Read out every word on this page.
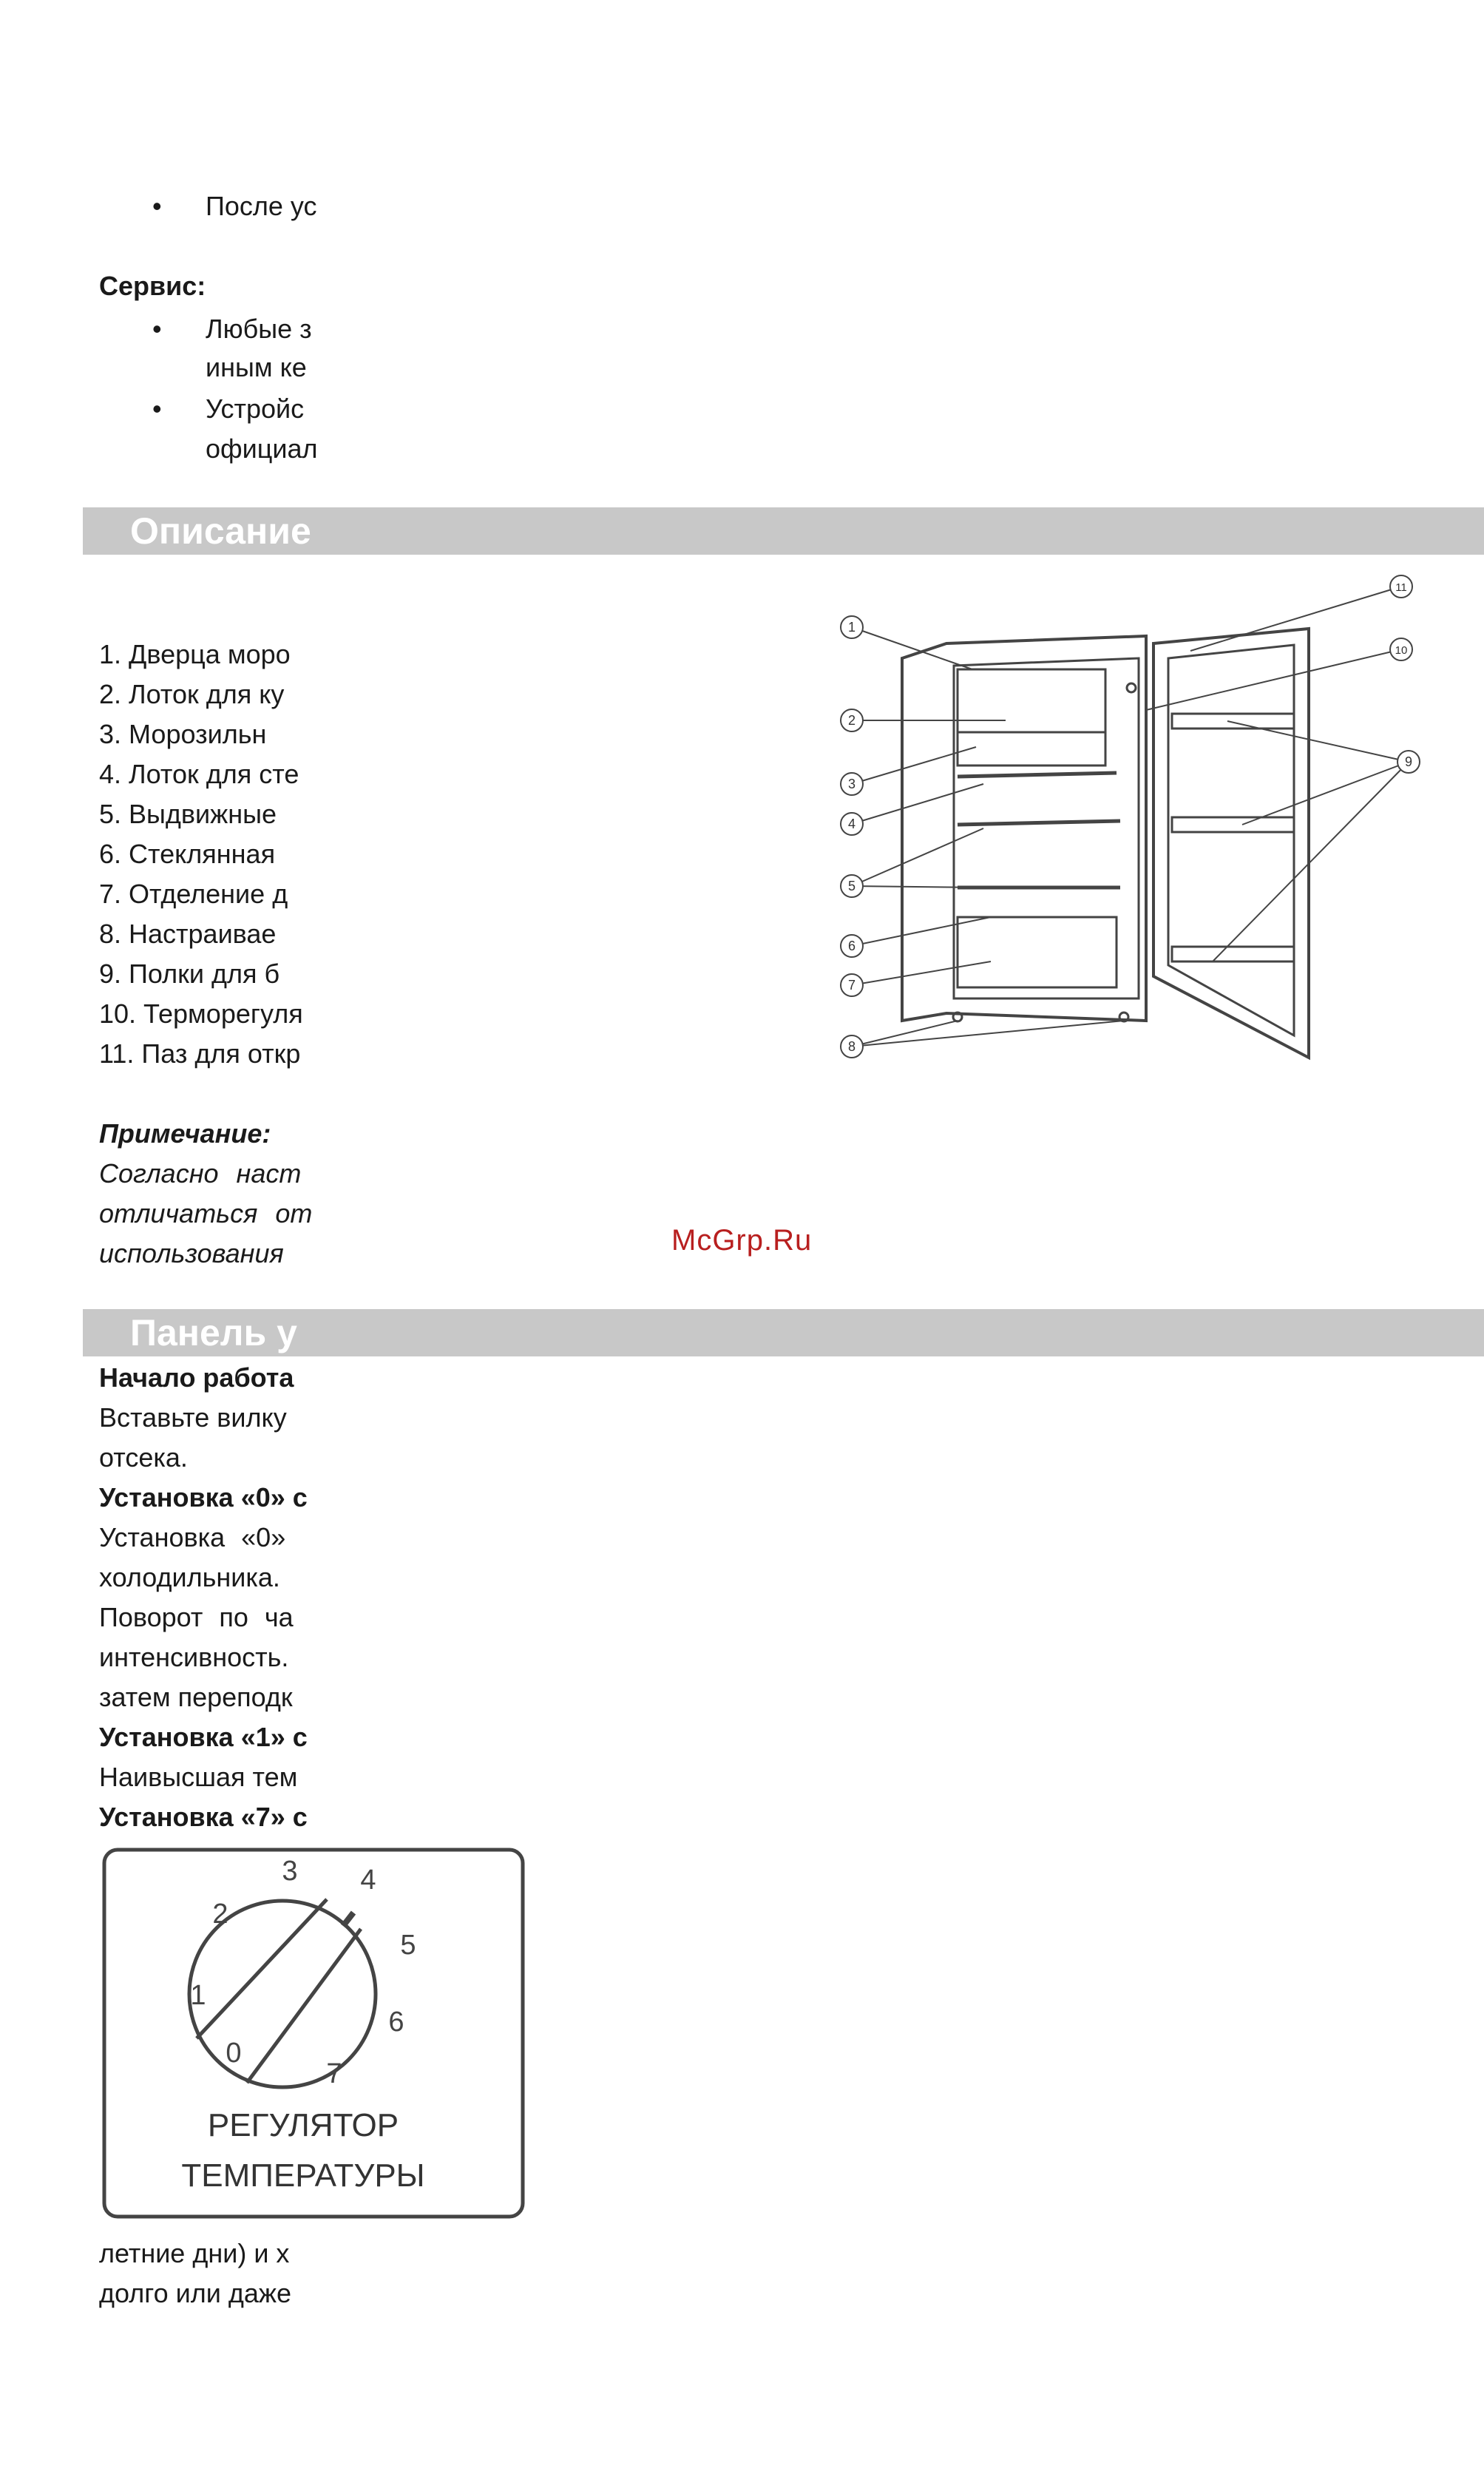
• После ус
Сервис:
Любые з
иным ке
Устройс
официал
•
•
Описание
1. Дверца моро
2. Лоток для ку
3. Морозильн
4. Лоток для сте
5. Выдвижные
6. Стеклянная
7. Отделение д
8. Настраивае
9. Полки для б
10. Терморегуля
11. Паз для откр
Примечание:
Согласно наст
отличаться от
использования
1
2
3
4
5
6
7
8
9
10
11
McGrp.Ru
Панель у
Начало работа
Вставьте вилку
отсека.
Установка «0» с
Установка «0»
холодильника.
Поворот по ча
интенсивность.
затем переподк
Установка «1» с
Наивысшая тем
Установка «7» с
летние дни) и х
долго или даже
0
1
2
3 4
5
6
7
РЕГУЛЯТОР
ТЕМПЕРАТУРЫ
